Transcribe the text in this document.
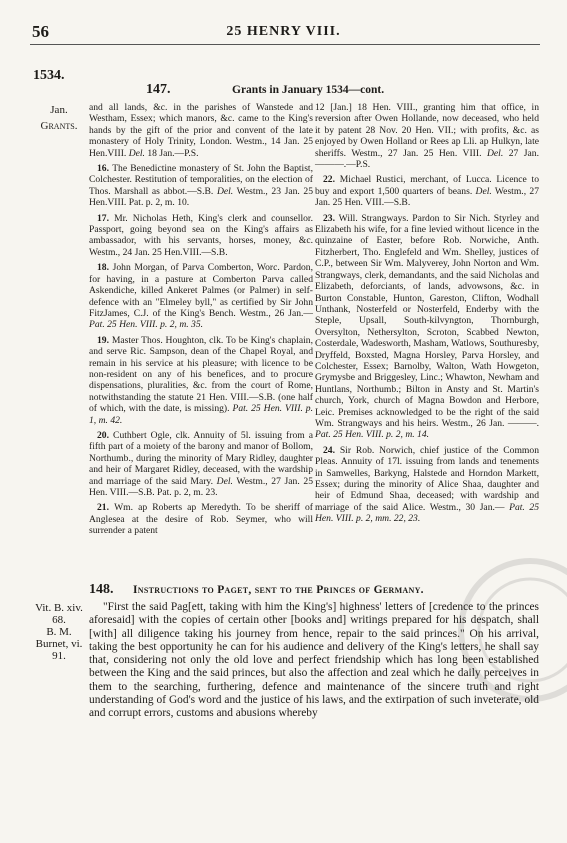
56	25 HENRY VIII.
1534.
Jan.
Grants.
147.	Grants in January 1534—cont.

and all lands, &c. in the parishes of Wanstede and Westham, Essex; which manors, &c. came to the King's hands by the gift of the prior and convent of the late monastery of Holy Trinity, London. Westm., 14 Jan. 25 Hen.VIII. Del. 18 Jan.—P.S.

16. The Benedictine monastery of St. John the Baptist, Colchester. Restitution of temporalities, on the election of Thos. Marshall as abbot.—S.B. Del. Westm., 23 Jan. 25 Hen.VIII. Pat. p. 2, m. 10.

17. Mr. Nicholas Heth, King's clerk and counsellor. Passport, going beyond sea on the King's affairs as ambassador, with his servants, horses, money, &c. Westm., 24 Jan. 25 Hen.VIII.—S.B.

18. John Morgan, of Parva Comberton, Worc. Pardon, for having, in a pasture at Comberton Parva called Askendiche, killed Ankeret Palmes (or Palmer) in self-defence with an "Elmeley byll," as certified by Sir John FitzJames, C.J. of the King's Bench. Westm., 26 Jan.— Pat. 25 Hen. VIII. p. 2, m. 35.

19. Master Thos. Houghton, clk. To be King's chaplain, and serve Ric. Sampson, dean of the Chapel Royal, and remain in his service at his pleasure; with licence to be non-resident on any of his benefices, and to procure dispensations, pluralities, &c. from the court of Rome, notwithstanding the statute 21 Hen. VIII.—S.B. (one half of which, with the date, is missing). Pat. 25 Hen. VIII. p. 1, m. 42.

20. Cuthbert Ogle, clk. Annuity of 5l. issuing from a fifth part of a moiety of the barony and manor of Bollom, Northumb., during the minority of Mary Ridley, daughter and heir of Margaret Ridley, deceased, with the wardship and marriage of the said Mary. Del. Westm., 27 Jan. 25 Hen. VIII.—S.B. Pat. p. 2, m. 23.

21. Wm. ap Roberts ap Meredyth. To be sheriff of Anglesea at the desire of Rob. Seymer, who will surrender a patent

12 [Jan.] 18 Hen. VIII., granting him that office, in reversion after Owen Hollande, now deceased, who held it by patent 28 Nov. 20 Hen. VII.; with profits, &c. as enjoyed by Owen Holland or Rees ap Lli. ap Hulkyn, late sheriffs. Westm., 27 Jan. 25 Hen. VIII. Del. 27 Jan. ———.—P.S.

22. Michael Rustici, merchant, of Lucca. Licence to buy and export 1,500 quarters of beans. Del. Westm., 27 Jan. 25 Hen. VIII.—S.B.

23. Will. Strangways. Pardon to Sir Nich. Styrley and Elizabeth his wife, for a fine levied without licence in the quinzaine of Easter, before Rob. Norwiche, Anth. Fitzherbert, Tho. Englefeld and Wm. Shelley, justices of C.P., between Sir Wm. Malyverey, John Norton and Wm. Strangways, clerk, demandants, and the said Nicholas and Elizabeth, deforciants, of lands, advowsons, &c. in Burton Constable, Hunton, Gareston, Clifton, Wodhall Unthank, Nosterfeld or Nosterfeld, Enderby with the Steple, Upsall, South-kilvyngton, Thornburgh, Oversylton, Nethersylton, Scroton, Scabbed Newton, Costerdale, Wadesworth, Masham, Watlows, Southuresby, Dryffeld, Boxsted, Magna Horsley, Parva Horsley, and Colchester, Essex; Barnolby, Walton, Wath Howgeton, Grymysbe and Briggesley, Linc.; Whawton, Newham and Huntlans, Northumb.; Bilton in Ansty and St. Martin's church, York, church of Magna Bowdon and Herbore, Leic. Premises acknowledged to be the right of the said Wm. Strangways and his heirs. Westm., 26 Jan. ———. Pat. 25 Hen. VIII. p. 2, m. 14.

24. Sir Rob. Norwich, chief justice of the Common Pleas. Annuity of 17l. issuing from lands and tenements in Samwelles, Barkyng, Halstede and Horndon Markett, Essex; during the minority of Alice Shaa, daughter and heir of Edmund Shaa, deceased; with wardship and marriage of the said Alice. Westm., 30 Jan.— Pat. 25 Hen. VIII. p. 2, mm. 22, 23.

Vit. B. xiv.
68.
B. M.
Burnet, vi.
91.
148. Instructions to Paget, sent to the Princes of Germany.

"First the said Pag[ett, taking with him the King's] highness' letters of [credence to the princes aforesaid] with the copies of certain other [books and] writings prepared for his despatch, shall [with] all diligence taking his journey from hence, repair to the said princes." On his arrival, taking the best opportunity he can for his audience and delivery of the King's letters, he shall say that, considering not only the old love and perfect friendship which has long been established between the King and the said princes, but also the affection and zeal which he daily perceives in them to the searching, furthering, defence and maintenance of the sincere truth and right understanding of God's word and the justice of his laws, and the extirpation of such inveterate, old and corrupt errors, customs and abusions whereby
